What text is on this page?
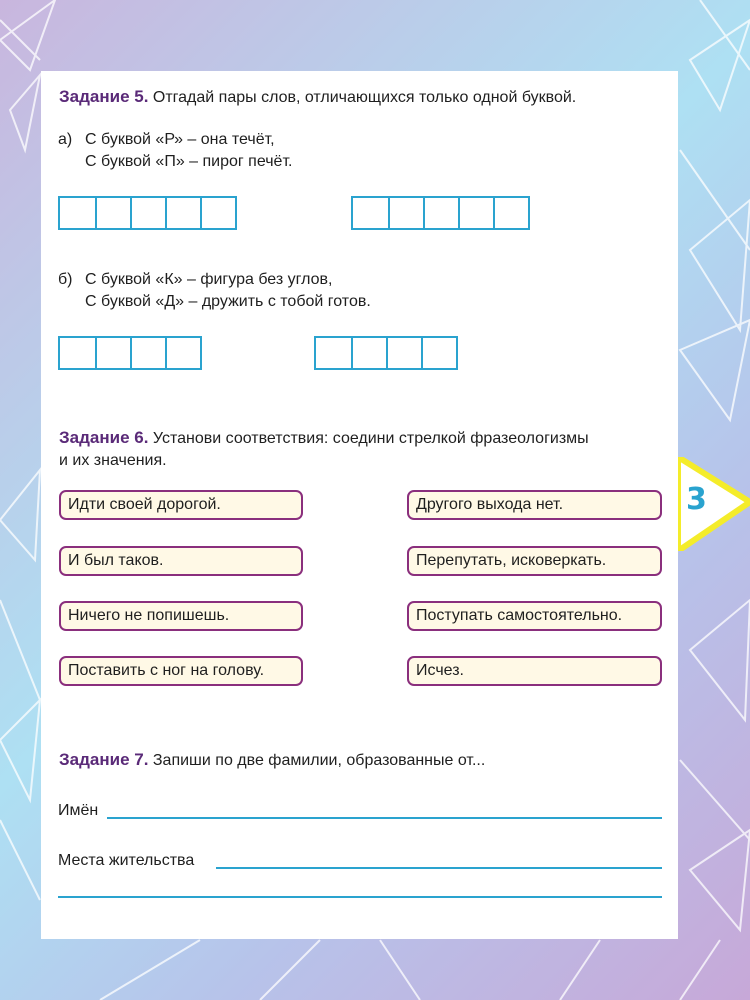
3
Задание 5. Отгадай пары слов, отличающихся только одной буквой.
а) С буквой «Р» – она течёт,
С буквой «П» – пирог печёт.
б) С буквой «К» – фигура без углов,
С буквой «Д» – дружить с тобой готов.
Задание 6. Установи соответствия: соедини стрелкой фразеологизмы
и их значения.
Идти своей дорогой.
И был таков.
Ничего не попишешь.
Поставить с ног на голову.
Другого выхода нет.
Перепутать, исковеркать.
Поступать самостоятельно.
Исчез.
Задание 7. Запиши по две фамилии, образованные от...
Имён
Места жительства
